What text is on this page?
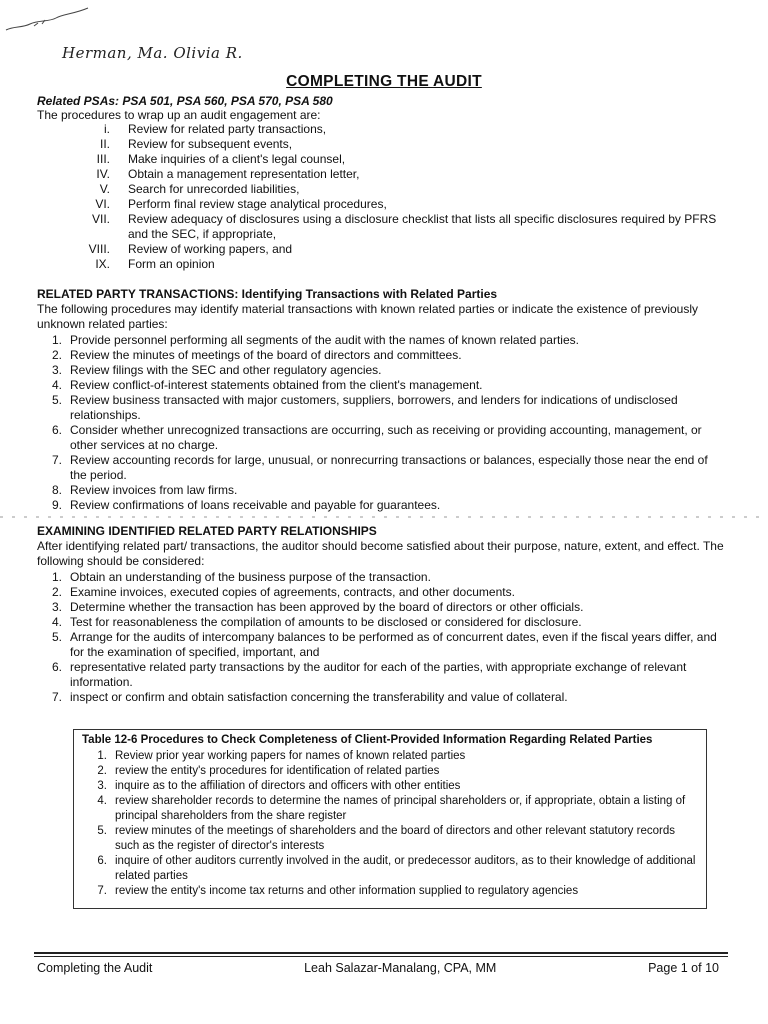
Herman, Ma. Olivia R.
COMPLETING THE AUDIT
Related PSAs: PSA 501, PSA 560, PSA 570, PSA 580
The procedures to wrap up an audit engagement are:
i.	Review for related party transactions,
II.	Review for subsequent events,
III.	Make inquiries of a client's legal counsel,
IV.	Obtain a management representation letter,
V.	Search for unrecorded liabilities,
VI.	Perform final review stage analytical procedures,
VII.	Review adequacy of disclosures using a disclosure checklist that lists all specific disclosures required by PFRS and the SEC, if appropriate,
VIII.	Review of working papers, and
IX.	Form an opinion
RELATED PARTY TRANSACTIONS: Identifying Transactions with Related Parties
The following procedures may identify material transactions with known related parties or indicate the existence of previously unknown related parties:
1. Provide personnel performing all segments of the audit with the names of known related parties.
2. Review the minutes of meetings of the board of directors and committees.
3. Review filings with the SEC and other regulatory agencies.
4. Review conflict-of-interest statements obtained from the client's management.
5. Review business transacted with major customers, suppliers, borrowers, and lenders for indications of undisclosed relationships.
6. Consider whether unrecognized transactions are occurring, such as receiving or providing accounting, management, or other services at no charge.
7. Review accounting records for large, unusual, or nonrecurring transactions or balances, especially those near the end of the period.
8. Review invoices from law firms.
9. Review confirmations of loans receivable and payable for guarantees.
EXAMINING IDENTIFIED RELATED PARTY RELATIONSHIPS
After identifying related part/ transactions, the auditor should become satisfied about their purpose, nature, extent, and effect. The following should be considered:
1. Obtain an understanding of the business purpose of the transaction.
2. Examine invoices, executed copies of agreements, contracts, and other documents.
3. Determine whether the transaction has been approved by the board of directors or other officials.
4. Test for reasonableness the compilation of amounts to be disclosed or considered for disclosure.
5. Arrange for the audits of intercompany balances to be performed as of concurrent dates, even if the fiscal years differ, and for the examination of specified, important, and
6. representative related party transactions by the auditor for each of the parties, with appropriate exchange of relevant information.
7. inspect or confirm and obtain satisfaction concerning the transferability and value of collateral.
Table 12-6 Procedures to Check Completeness of Client-Provided Information Regarding Related Parties
1. Review prior year working papers for names of known related parties
2. review the entity's procedures for identification of related parties
3. inquire as to the affiliation of directors and officers with other entities
4. review shareholder records to determine the names of principal shareholders or, if appropriate, obtain a listing of principal shareholders from the share register
5. review minutes of the meetings of shareholders and the board of directors and other relevant statutory records such as the register of director's interests
6. inquire of other auditors currently involved in the audit, or predecessor auditors, as to their knowledge of additional related parties
7. review the entity's income tax returns and other information supplied to regulatory agencies
Completing the Audit	Leah Salazar-Manalang, CPA, MM	Page 1 of 10
